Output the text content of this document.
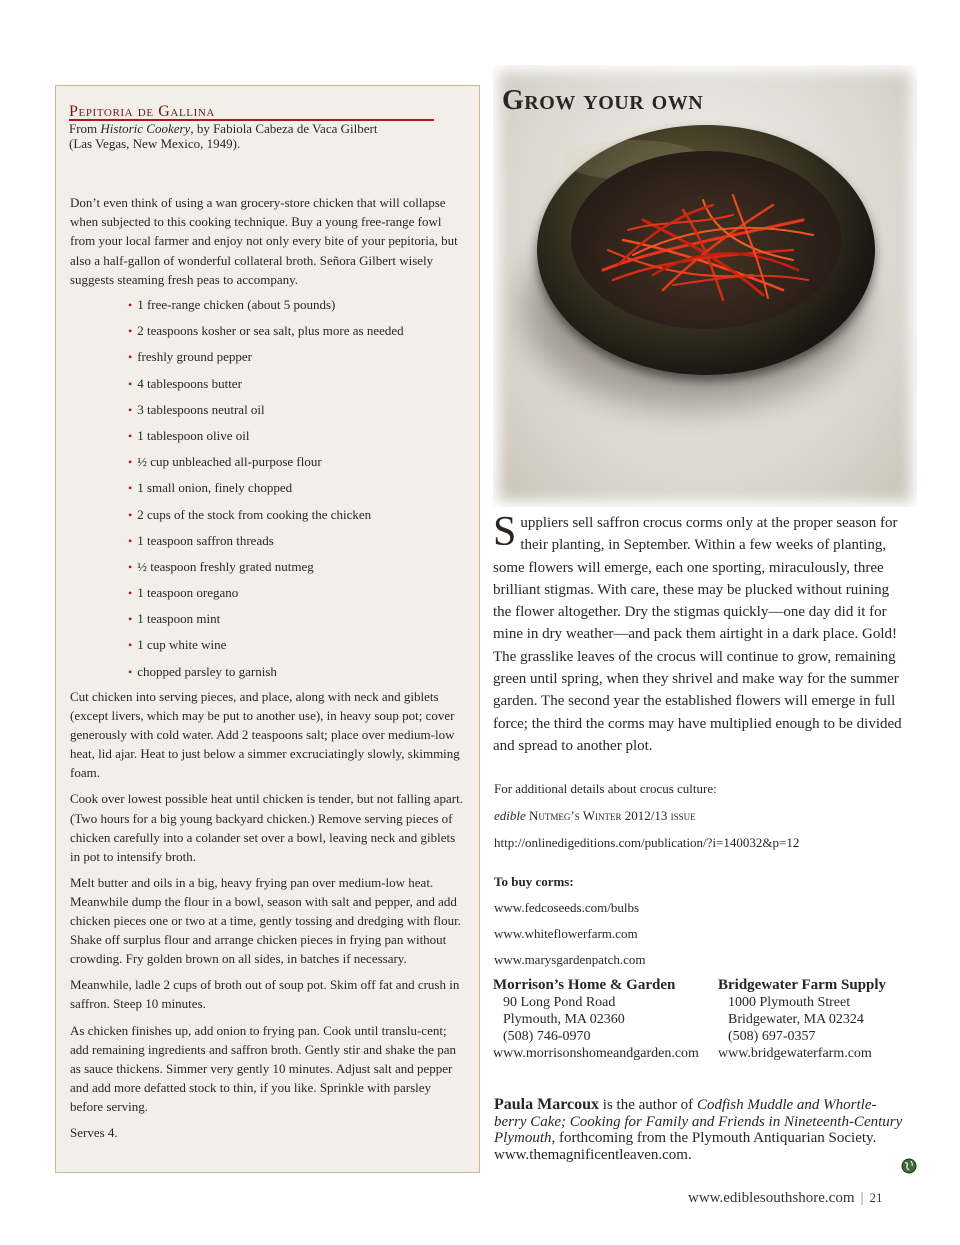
Pepitoria de Gallina
From Historic Cookery, by Fabiola Cabeza de Vaca Gilbert
(Las Vegas, New Mexico, 1949).

Don’t even think of using a wan grocery-store chicken that will collapse when subjected to this cooking technique. Buy a young free-range fowl from your local farmer and enjoy not only every bite of your pepitoria, but also a half-gallon of wonderful collateral broth. Señora Gilbert wisely suggests steaming fresh peas to accompany.

• 1 free-range chicken (about 5 pounds)
• 2 teaspoons kosher or sea salt, plus more as needed
• freshly ground pepper
• 4 tablespoons butter
• 3 tablespoons neutral oil
• 1 tablespoon olive oil
• ½ cup unbleached all-purpose flour
• 1 small onion, finely chopped
• 2 cups of the stock from cooking the chicken
• 1 teaspoon saffron threads
• ½ teaspoon freshly grated nutmeg
• 1 teaspoon oregano
• 1 teaspoon mint
• 1 cup white wine
• chopped parsley to garnish

Cut chicken into serving pieces, and place, along with neck and giblets (except livers, which may be put to another use), in heavy soup pot; cover generously with cold water. Add 2 teaspoons salt; place over medium-low heat, lid ajar. Heat to just below a simmer excruciatingly slowly, skimming foam.

Cook over lowest possible heat until chicken is tender, but not falling apart. (Two hours for a big young backyard chicken.) Remove serving pieces of chicken carefully into a colander set over a bowl, leaving neck and giblets in pot to intensify broth.

Melt butter and oils in a big, heavy frying pan over medium-low heat. Meanwhile dump the flour in a bowl, season with salt and pepper, and add chicken pieces one or two at a time, gently tossing and dredging with flour. Shake off surplus flour and arrange chicken pieces in frying pan without crowding. Fry golden brown on all sides, in batches if necessary.

Meanwhile, ladle 2 cups of broth out of soup pot. Skim off fat and crush in saffron. Steep 10 minutes.

As chicken finishes up, add onion to frying pan. Cook until translu-cent; add remaining ingredients and saffron broth. Gently stir and shake the pan as sauce thickens. Simmer very gently 10 minutes. Adjust salt and pepper and add more defatted stock to thin, if you like. Sprinkle with parsley before serving.

Serves 4.

Grow your own

Suppliers sell saffron crocus corms only at the proper season for their planting, in September. Within a few weeks of planting, some flowers will emerge, each one sporting, miraculously, three brilliant stigmas. With care, these may be plucked without ruining the flower altogether. Dry the stigmas quickly—one day did it for mine in dry weather—and pack them airtight in a dark place. Gold! The grasslike leaves of the crocus will continue to grow, remaining green until spring, when they shrivel and make way for the summer garden. The second year the established flowers will emerge in full force; the third the corms may have multiplied enough to be divided and spread to another plot.

For additional details about crocus culture:

edible Nutmeg’s Winter 2012/13 issue

http://onlinedigeditions.com/publication/?i=140032&p=12

To buy corms:

www.fedcoseeds.com/bulbs
www.whiteflowerfarm.com
www.marysgardenpatch.com
Morrison’s Home & Garden
90 Long Pond Road
Plymouth, MA 02360
(508) 746-0970
www.morrisonshomeandgarden.com
Bridgewater Farm Supply
1000 Plymouth Street
Bridgewater, MA 02324
(508) 697-0357
www.bridgewaterfarm.com

Paula Marcoux is the author of Codfish Muddle and Whortle-berry Cake; Cooking for Family and Friends in Nineteenth-Century Plymouth, forthcoming from the Plymouth Antiquarian Society.
www.themagnificentleaven.com.

www.ediblesouthshore.com | 21
